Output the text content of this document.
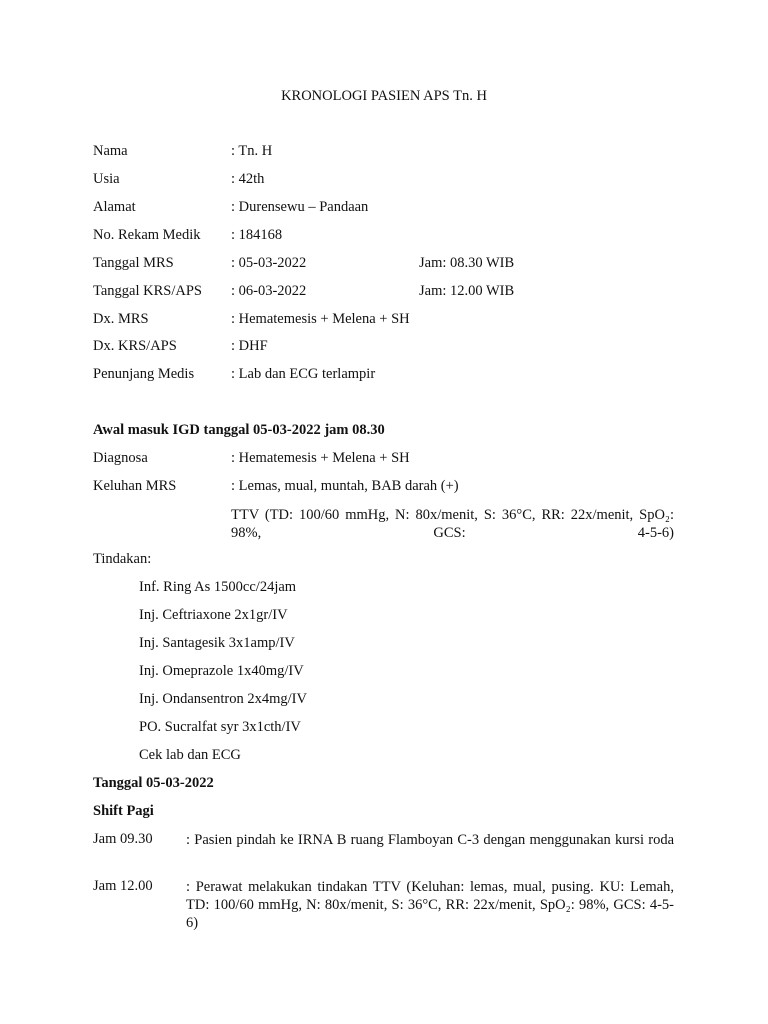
KRONOLOGI PASIEN APS Tn. H
Nama	: Tn. H
Usia	: 42th
Alamat	: Durensewu – Pandaan
No. Rekam Medik : 184168
Tanggal MRS	: 05-03-2022	Jam: 08.30 WIB
Tanggal KRS/APS : 06-03-2022	Jam: 12.00 WIB
Dx. MRS	: Hematemesis + Melena + SH
Dx. KRS/APS	: DHF
Penunjang Medis	: Lab dan ECG terlampir
Awal masuk IGD tanggal 05-03-2022 jam 08.30
Diagnosa	: Hematemesis + Melena + SH
Keluhan MRS	: Lemas, mual, muntah, BAB darah (+)
TTV (TD: 100/60 mmHg, N: 80x/menit, S: 36°C, RR: 22x/menit, SpO₂: 98%, GCS: 4-5-6)
Tindakan:
Inf. Ring As 1500cc/24jam
Inj. Ceftriaxone 2x1gr/IV
Inj. Santagesik 3x1amp/IV
Inj. Omeprazole 1x40mg/IV
Inj. Ondansentron 2x4mg/IV
PO. Sucralfat syr 3x1cth/IV
Cek lab dan ECG
Tanggal 05-03-2022
Shift Pagi
Jam 09.30 : Pasien pindah ke IRNA B ruang Flamboyan C-3 dengan menggunakan kursi roda
Jam 12.00 : Perawat melakukan tindakan TTV (Keluhan: lemas, mual, pusing. KU: Lemah, TD: 100/60 mmHg, N: 80x/menit, S: 36°C, RR: 22x/menit, SpO₂: 98%, GCS: 4-5-6)
